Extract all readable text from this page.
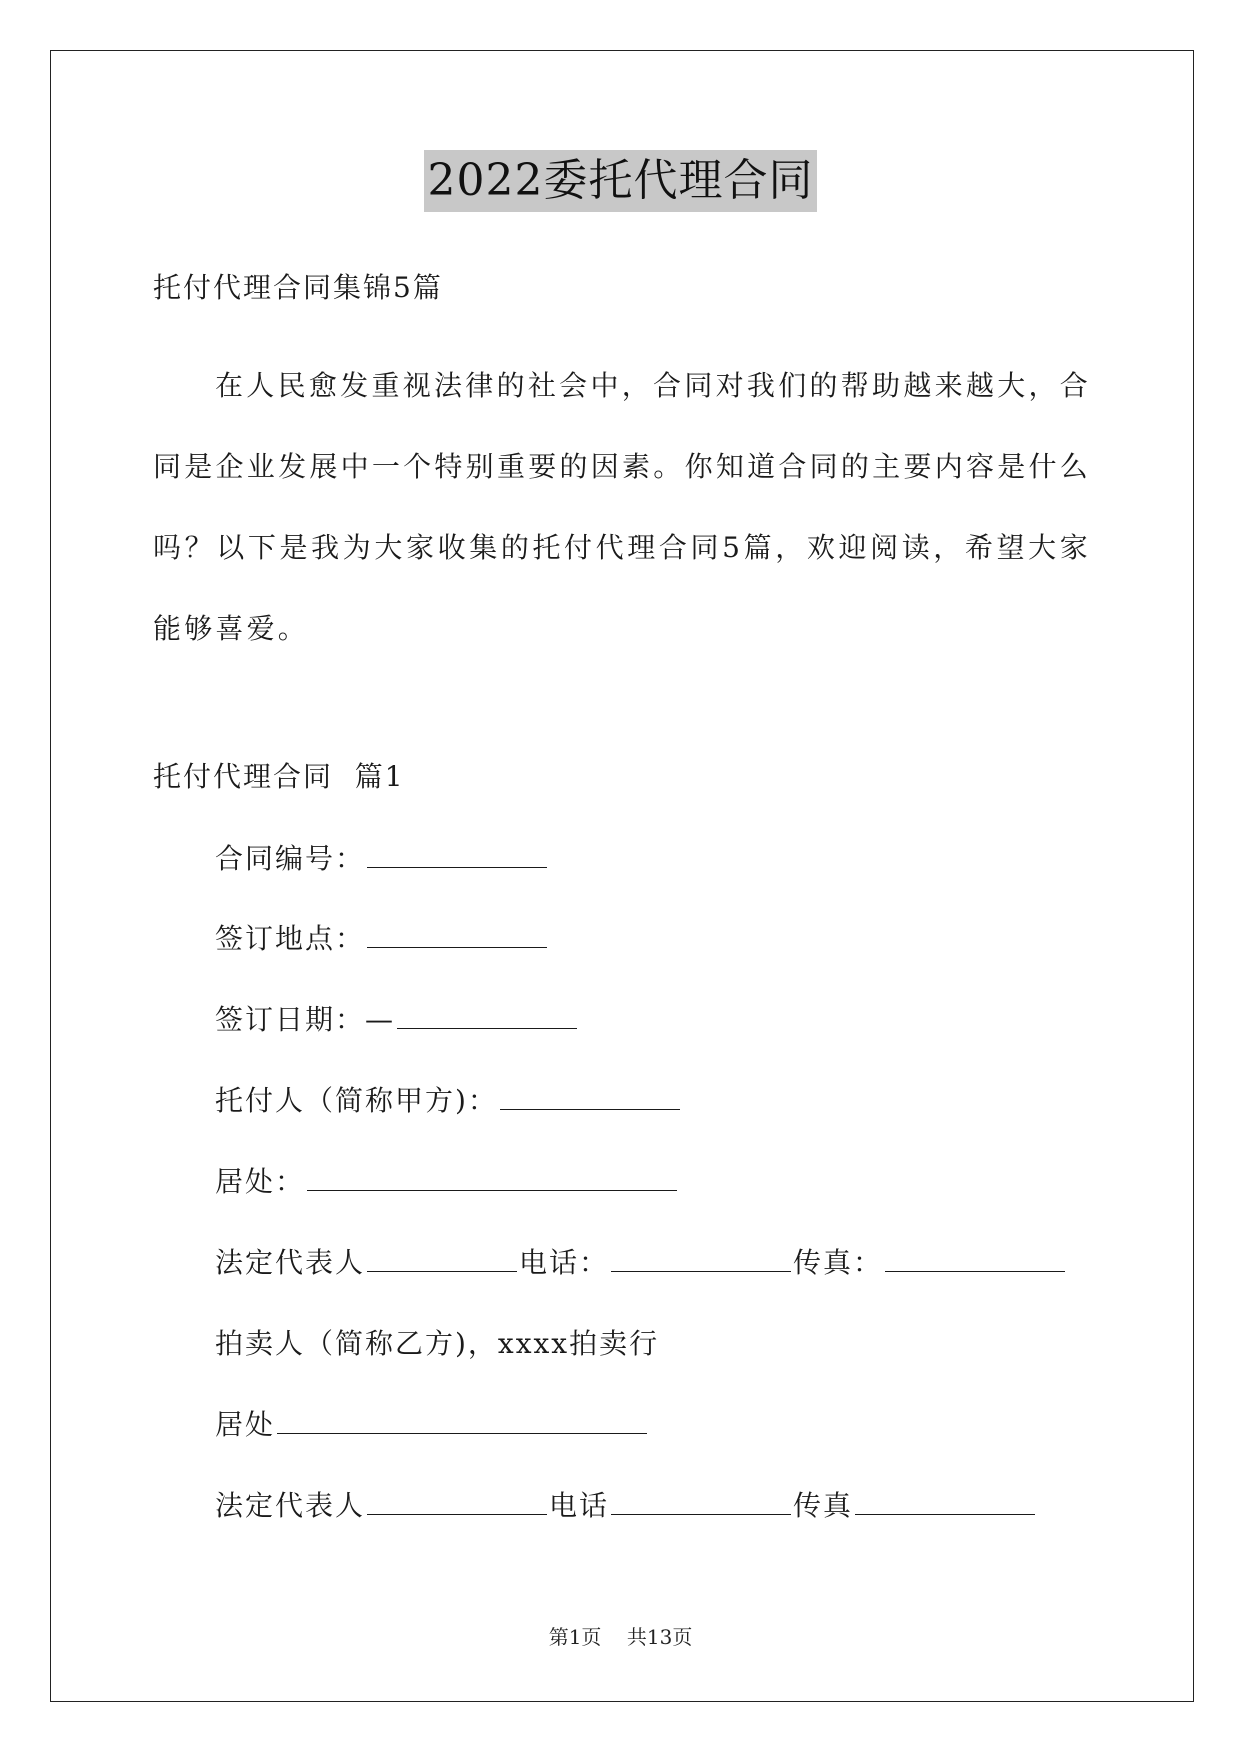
2022委托代理合同
托付代理合同集锦5篇

在人民愈发重视法律的社会中，合同对我们的帮助越来越大，合同是企业发展中一个特别重要的因素。你知道合同的主要内容是什么吗？以下是我为大家收集的托付代理合同5篇，欢迎阅读，希望大家能够喜爱。

托付代理合同  篇1
合同编号：
签订地点：
签订日期：—
托付人（简称甲方)：
居处：
法定代表人	电话：	传真：
拍卖人（简称乙方)，xxxx拍卖行
居处
法定代表人	电话	传真
第1页 共13页
